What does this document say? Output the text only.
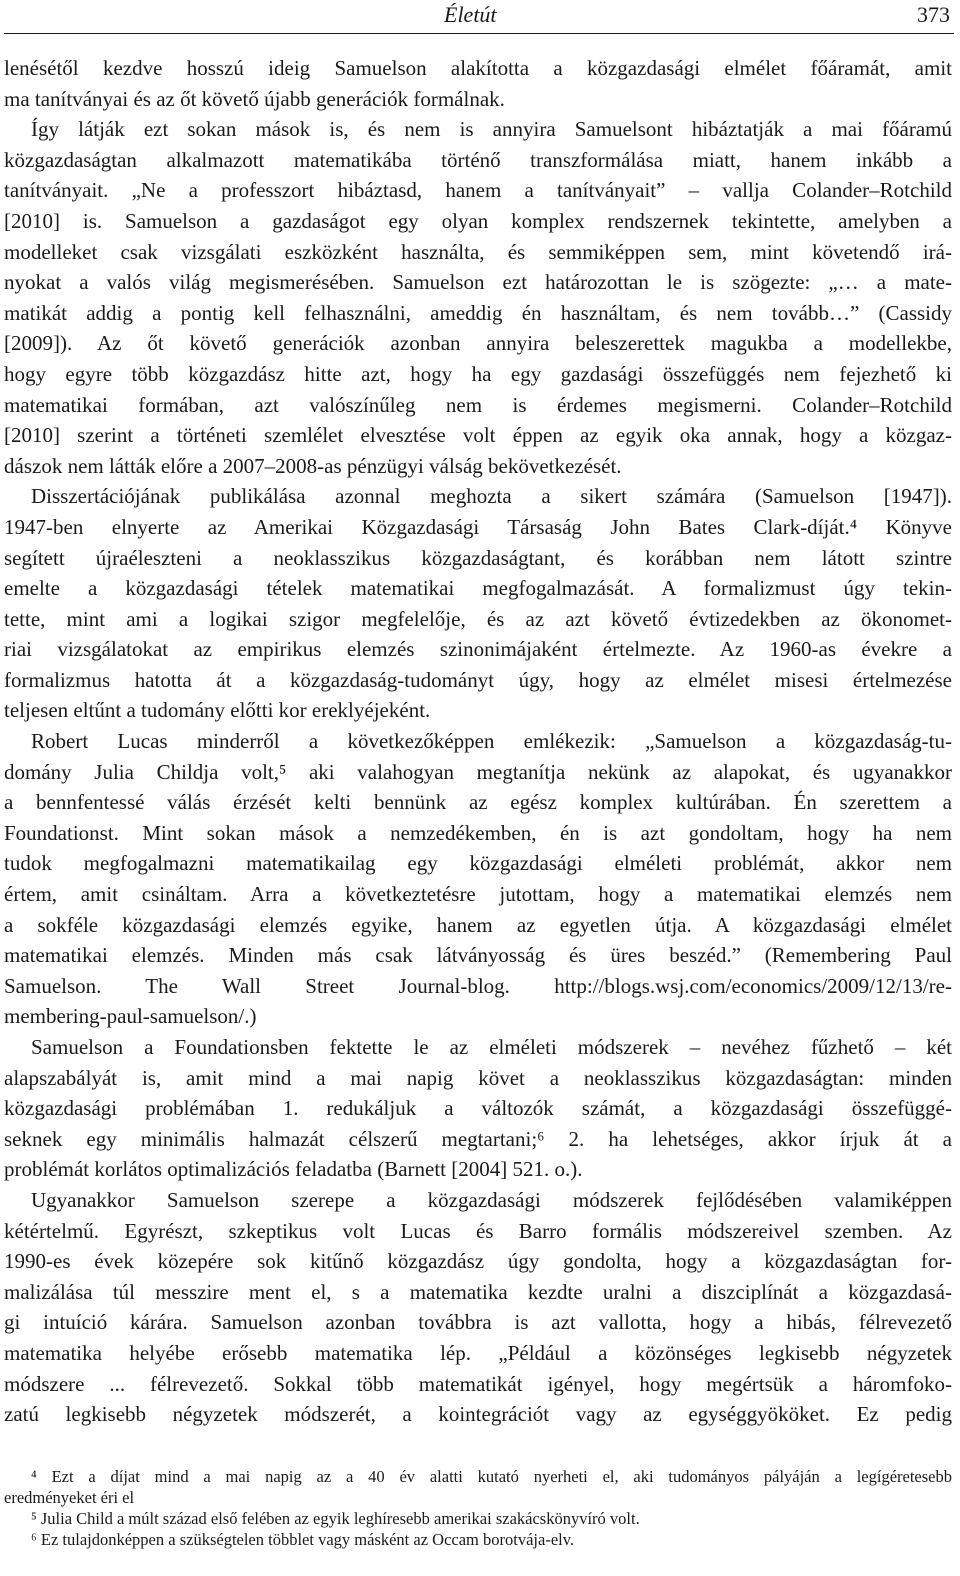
Életút	373
lenésétől kezdve hosszú ideig Samuelson alakította a közgazdasági elmélet főáramát, amit
ma tanítványai és az őt követő újabb generációk formálnak.
Így látják ezt sokan mások is, és nem is annyira Samuelsont hibáztatják a mai főáramú
közgazdaságtan alkalmazott matematikába történő transzformálása miatt, hanem inkább a
tanítványait. „Ne a professzort hibáztasd, hanem a tanítványait” – vallja Colander–Rotchild
[2010] is. Samuelson a gazdaságot egy olyan komplex rendszernek tekintette, amelyben a
modelleket csak vizsgálati eszközként használta, és semmiképpen sem, mint követendő irá-
nyokat a valós világ megismerésében. Samuelson ezt határozottan le is szögezte: „… a mate-
matikát addig a pontig kell felhasználni, ameddig én használtam, és nem tovább…” (Cassidy
[2009]). Az őt követő generációk azonban annyira beleszerettek magukba a modellekbe,
hogy egyre több közgazdász hitte azt, hogy ha egy gazdasági összefüggés nem fejezhető ki
matematikai formában, azt valószínűleg nem is érdemes megismerni. Colander–Rotchild
[2010] szerint a történeti szemlélet elvesztése volt éppen az egyik oka annak, hogy a közgaz-
dászok nem látták előre a 2007–2008-as pénzügyi válság bekövetkezését.
Disszertációjának publikálása azonnal meghozta a sikert számára (Samuelson [1947]).
1947-ben elnyerte az Amerikai Közgazdasági Társaság John Bates Clark-díját.⁴ Könyve
segített újraéleszteni a neoklasszikus közgazdaságtant, és korábban nem látott szintre
emelte a közgazdasági tételek matematikai megfogalmazását. A formalizmust úgy tekin-
tette, mint ami a logikai szigor megfelelője, és az azt követő évtizedekben az ökonomet-
riai vizsgálatokat az empirikus elemzés szinonimájaként értelmezte. Az 1960-as évekre a
formalizmus hatotta át a közgazdaság-tudományt úgy, hogy az elmélet misesi értelmezése
teljesen eltűnt a tudomány előtti kor ereklyéjeként.
Robert Lucas minderről a következőképpen emlékezik: „Samuelson a közgazdaság-tu-
domány Julia Childja volt,⁵ aki valahogyan megtanítja nekünk az alapokat, és ugyanakkor
a bennfentessé válás érzését kelti bennünk az egész komplex kultúrában. Én szerettem a
Foundationst. Mint sokan mások a nemzedékemben, én is azt gondoltam, hogy ha nem
tudok megfogalmazni matematikailag egy közgazdasági elméleti problémát, akkor nem
értem, amit csináltam. Arra a következtetésre jutottam, hogy a matematikai elemzés nem
a sokféle közgazdasági elemzés egyike, hanem az egyetlen útja. A közgazdasági elmélet
matematikai elemzés. Minden más csak látványosság és üres beszéd.” (Remembering Paul
Samuelson. The Wall Street Journal-blog. http://blogs.wsj.com/economics/2009/12/13/re-
membering-paul-samuelson/.)
Samuelson a Foundationsben fektette le az elméleti módszerek – nevéhez fűzhető – két
alapszabályát is, amit mind a mai napig követ a neoklasszikus közgazdaságtan: minden
közgazdasági problémában 1. redukáljuk a változók számát, a közgazdasági összefüggé-
seknek egy minimális halmazát célszerű megtartani;⁶ 2. ha lehetséges, akkor írjuk át a
problémát korlátos optimalizációs feladatba (Barnett [2004] 521. o.).
Ugyanakkor Samuelson szerepe a közgazdasági módszerek fejlődésében valamiképpen
kétértelmű. Egyrészt, szkeptikus volt Lucas és Barro formális módszereivel szemben. Az
1990-es évek közepére sok kitűnő közgazdász úgy gondolta, hogy a közgazdaságtan for-
malizálása túl messzire ment el, s a matematika kezdte uralni a diszciplínát a közgazdasá-
gi intuíció kárára. Samuelson azonban továbbra is azt vallotta, hogy a hibás, félrevezető
matematika helyébe erősebb matematika lép. „Például a közönséges legkisebb négyzetek
módszere ... félrevezető. Sokkal több matematikát igényel, hogy megértsük a háromfoko-
zatú legkisebb négyzetek módszerét, a kointegrációt vagy az egységgyököket. Ez pedig
⁴ Ezt a díjat mind a mai napig az a 40 év alatti kutató nyerheti el, aki tudományos pályáján a legígéretesebb
eredményeket éri el
⁵ Julia Child a múlt század első felében az egyik leghíresebb amerikai szakácskönyvíró volt.
⁶ Ez tulajdonképpen a szükségtelen többlet vagy másként az Occam borotvája-elv.
